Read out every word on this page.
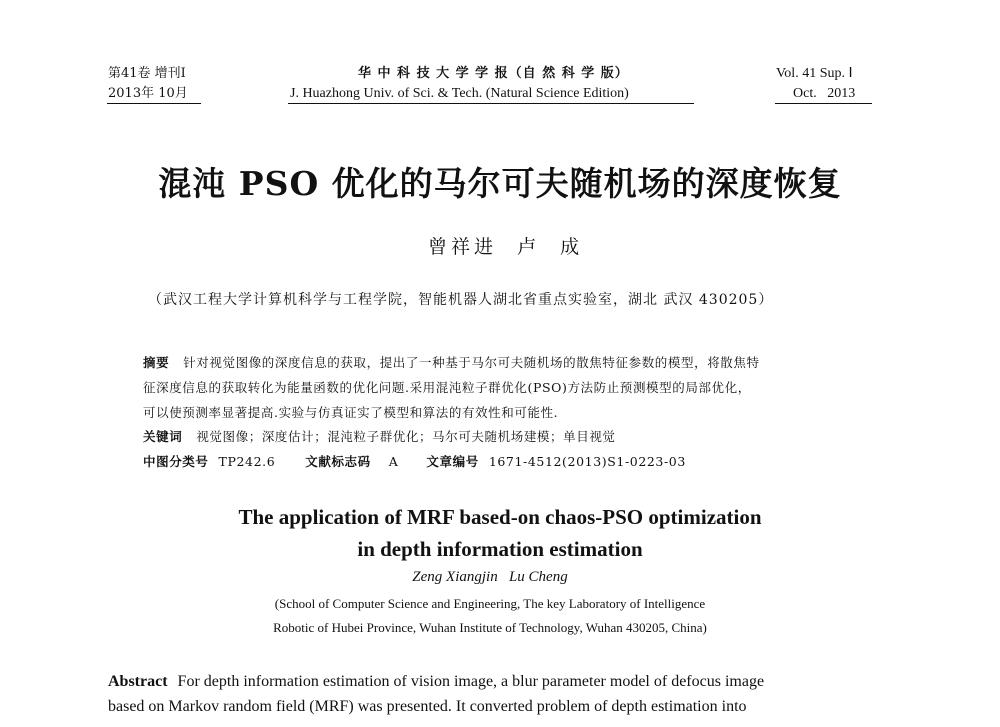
第41卷 增刊Ⅰ
2013年 10月
华 中 科 技 大 学 学 报（自 然 科 学 版）
J. Huazhong Univ. of Sci. & Tech. (Natural Science Edition)
Vol. 41 Sup. Ⅰ
Oct.   2013
混沌 PSO 优化的马尔可夫随机场的深度恢复
曾祥进  卢  成
（武汉工程大学计算机科学与工程学院，智能机器人湖北省重点实验室，湖北 武汉 430205）
摘要 针对视觉图像的深度信息的获取，提出了一种基于马尔可夫随机场的散焦特征参数的模型，将散焦特
征深度信息的获取转化为能量函数的优化问题.采用混沌粒子群优化(PSO)方法防止预测模型的局部优化，
可以使预测率显著提高.实验与仿真证实了模型和算法的有效性和可能性.
关键词 视觉图像；深度估计；混沌粒子群优化；马尔可夫随机场建模；单目视觉
中图分类号 TP242.6 文献标志码 A 文章编号 1671-4512(2013)S1-0223-03
The application of MRF based-on chaos-PSO optimization
in depth information estimation
Zeng Xiangjin   Lu Cheng
(School of Computer Science and Engineering, The key Laboratory of Intelligence
Robotic of Hubei Province, Wuhan Institute of Technology, Wuhan 430205, China)
Abstract For depth information estimation of vision image, a blur parameter model of defocus image
based on Markov random field (MRF) was presented. It converted problem of depth estimation into
